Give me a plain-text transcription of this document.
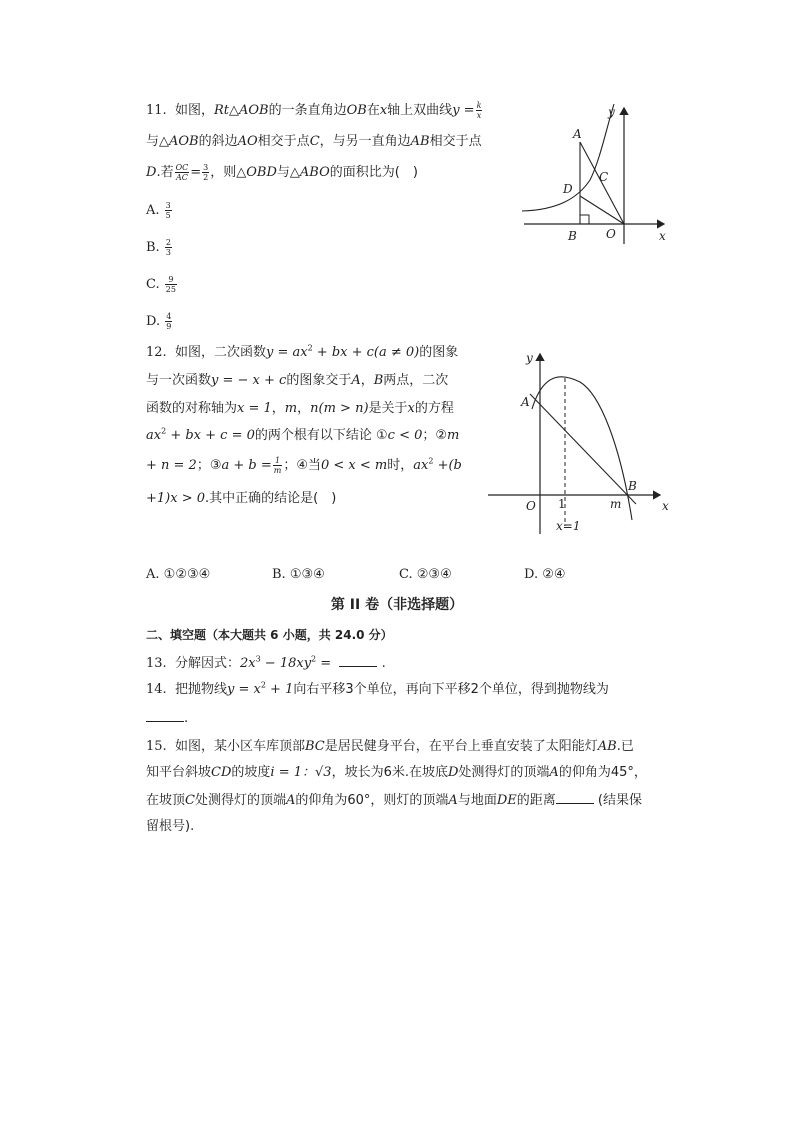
11. 如图，Rt△AOB的一条直角边OB在x轴上双曲线$y = \frac{k}{x}$
与△AOB的斜边AO相交于点C，与另一直角边AB相交于点
D.若 $\frac{OC}{AC} = \frac{3}{2}$ ，则△OBD与△ABO的面积比为(　)
A. $\frac{3}{5}$
B. $\frac{2}{3}$
C. $\frac{9}{25}$
D. $\frac{4}{9}$
y
x
A
C
D
B O
12. 如图，二次函数$y = ax^2$ + bx + c(a ≠ 0)的图象
与一次函数y = − x + c的图象交于A，B两点，二次
函数的对称轴为x = 1，m，n(m > n)是关于x的方程
$ax^2$ + bx + c = 0的两个根有以下结论 ①c < 0；②m
+ n = 2；③a + $b = \frac{1}{m}$ ；④当0 < x < m时，$ax^2 +(b$
+1)x > 0.其中正确的结论是(　)
y
x
A
B
O 1	m
x=1
A. ①②③④	B. ①③④	C. ②③④	D. ②④
第 II 卷（非选择题）
二、填空题（本大题共 6 小题，共 24.0 分）
13. 分解因式：$2x^3 - 18xy^2$ =	.
14. 把抛物线$y = x^2 + 1$向右平移3个单位，再向下平移2个单位，得到抛物线为
.
15. 如图，某小区车库顶部BC是居民健身平台，在平台上垂直安装了太阳能灯AB.已
知平台斜坡CD的坡度i = 1：√3，坡长为6米.在坡底D处测得灯的顶端A的仰角为45°，
在坡顶C处测得灯的顶端A的仰角为60°，则灯的顶端A与地面DE的距离	(结果保
留根号).
